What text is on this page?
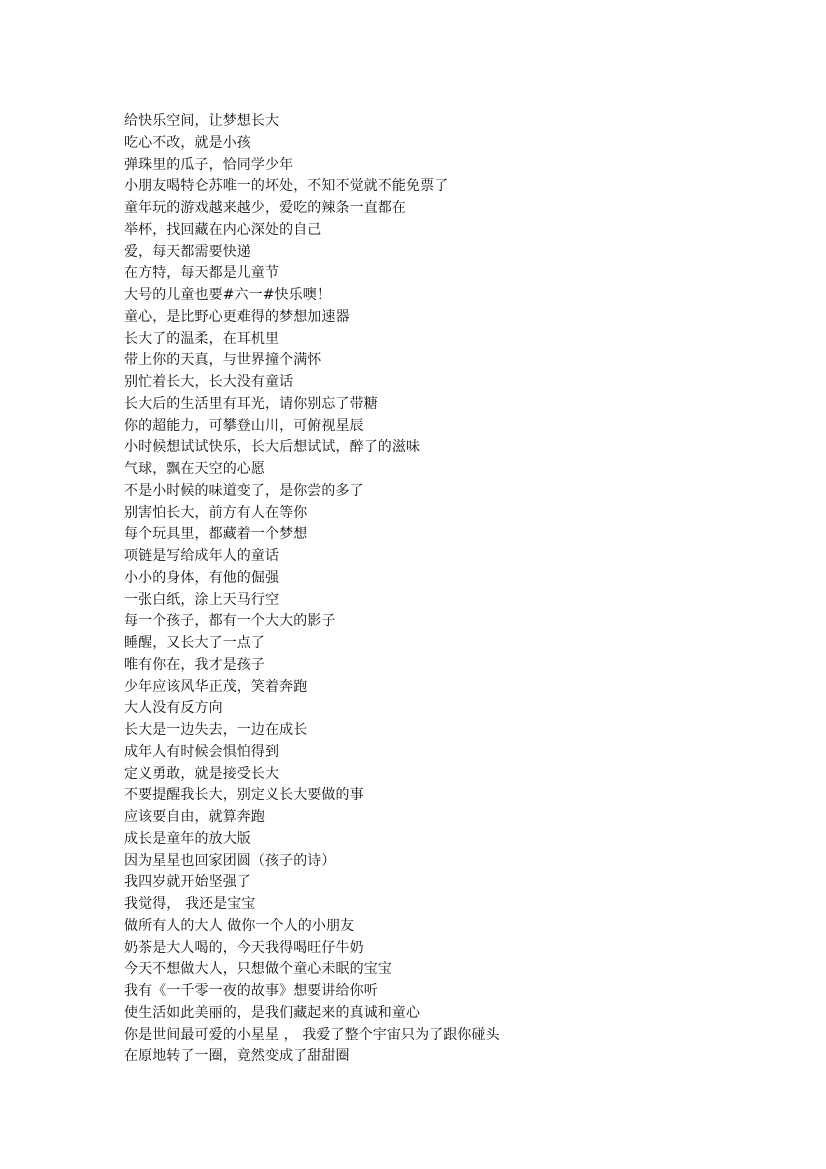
给快乐空间，让梦想长大
吃心不改，就是小孩
弹珠里的瓜子，恰同学少年
小朋友喝特仑苏唯一的坏处，不知不觉就不能免票了
童年玩的游戏越来越少，爱吃的辣条一直都在
举杯，找回藏在内心深处的自己
爱，每天都需要快递
在方特，每天都是儿童节
大号的儿童也要#六一#快乐噢！
童心，是比野心更难得的梦想加速器
长大了的温柔，在耳机里
带上你的天真，与世界撞个满怀
别忙着长大，长大没有童话
长大后的生活里有耳光，请你别忘了带糖
你的超能力，可攀登山川，可俯视星辰
小时候想试试快乐，长大后想试试，醉了的滋味
气球，飘在天空的心愿
不是小时候的味道变了，是你尝的多了
别害怕长大，前方有人在等你
每个玩具里，都藏着一个梦想
项链是写给成年人的童话
小小的身体，有他的倔强
一张白纸，涂上天马行空
每一个孩子，都有一个大大的影子
睡醒，又长大了一点了
唯有你在，我才是孩子
少年应该风华正茂，笑着奔跑
大人没有反方向
长大是一边失去，一边在成长
成年人有时候会惧怕得到
定义勇敢，就是接受长大
不要提醒我长大，别定义长大要做的事
应该要自由，就算奔跑
成长是童年的放大版
因为星星也回家团圆（孩子的诗）
我四岁就开始坚强了
我觉得， 我还是宝宝
做所有人的大人 做你一个人的小朋友
奶茶是大人喝的，今天我得喝旺仔牛奶
今天不想做大人，只想做个童心未眠的宝宝
我有《一千零一夜的故事》想要讲给你听
使生活如此美丽的，是我们藏起来的真诚和童心
你是世间最可爱的小星星 ， 我爱了整个宇宙只为了跟你碰头
在原地转了一圈，竟然变成了甜甜圈
